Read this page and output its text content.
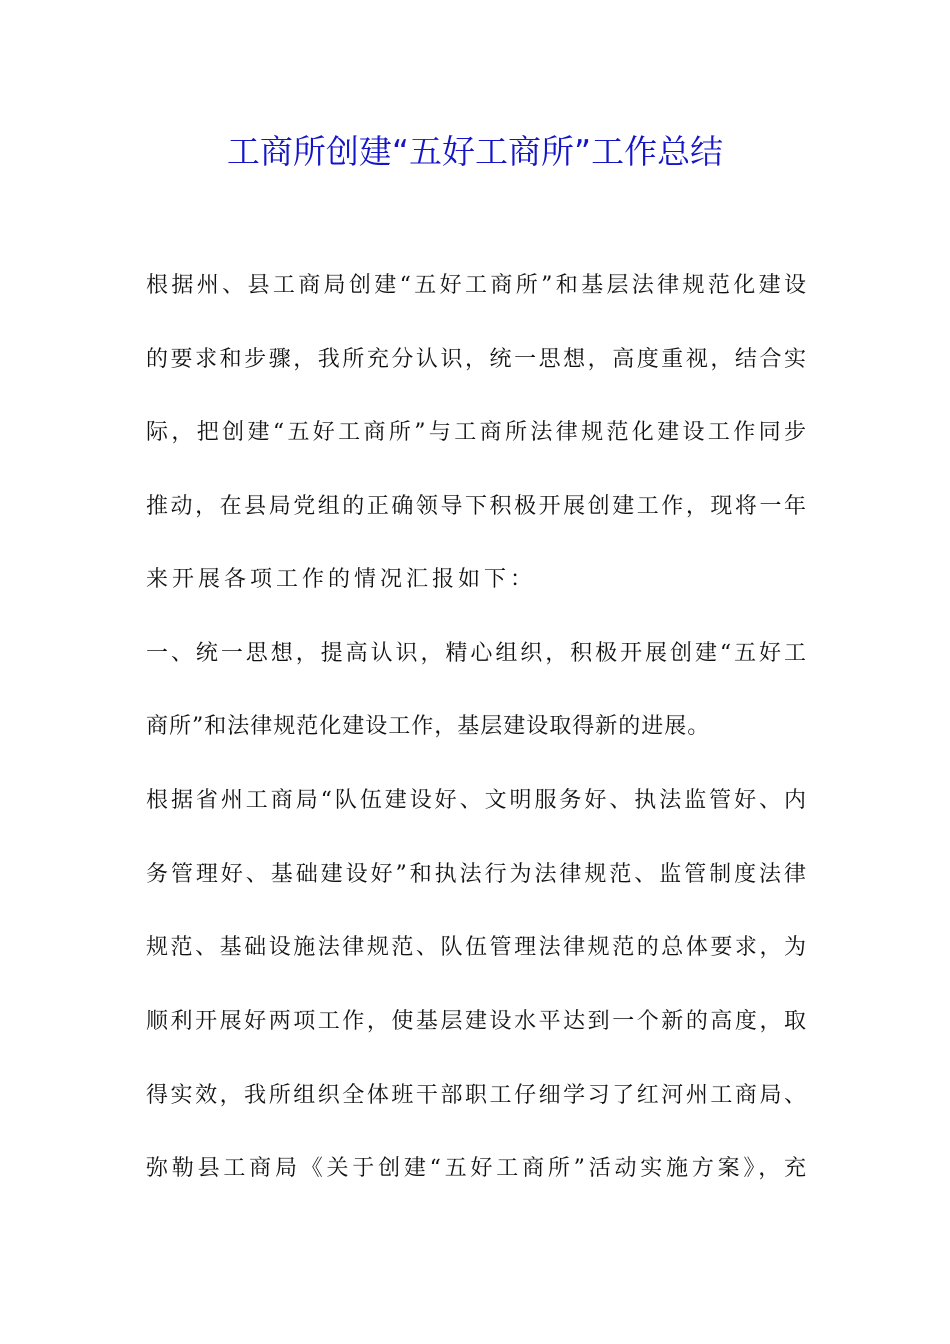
工商所创建“五好工商所”工作总结

根据州、县工商局创建“五好工商所”和基层法律规范化建设

的要求和步骤，我所充分认识，统一思想，高度重视，结合实

际，把创建“五好工商所”与工商所法律规范化建设工作同步

推动，在县局党组的正确领导下积极开展创建工作，现将一年

来开展各项工作的情况汇报如下：

一、统一思想，提高认识，精心组织，积极开展创建“五好工

商所”和法律规范化建设工作，基层建设取得新的进展。

根据省州工商局“队伍建设好、文明服务好、执法监管好、内

务管理好、基础建设好”和执法行为法律规范、监管制度法律

规范、基础设施法律规范、队伍管理法律规范的总体要求，为

顺利开展好两项工作，使基层建设水平达到一个新的高度，取

得实效，我所组织全体班干部职工仔细学习了红河州工商局、

弥勒县工商局《关于创建“五好工商所”活动实施方案》，充
